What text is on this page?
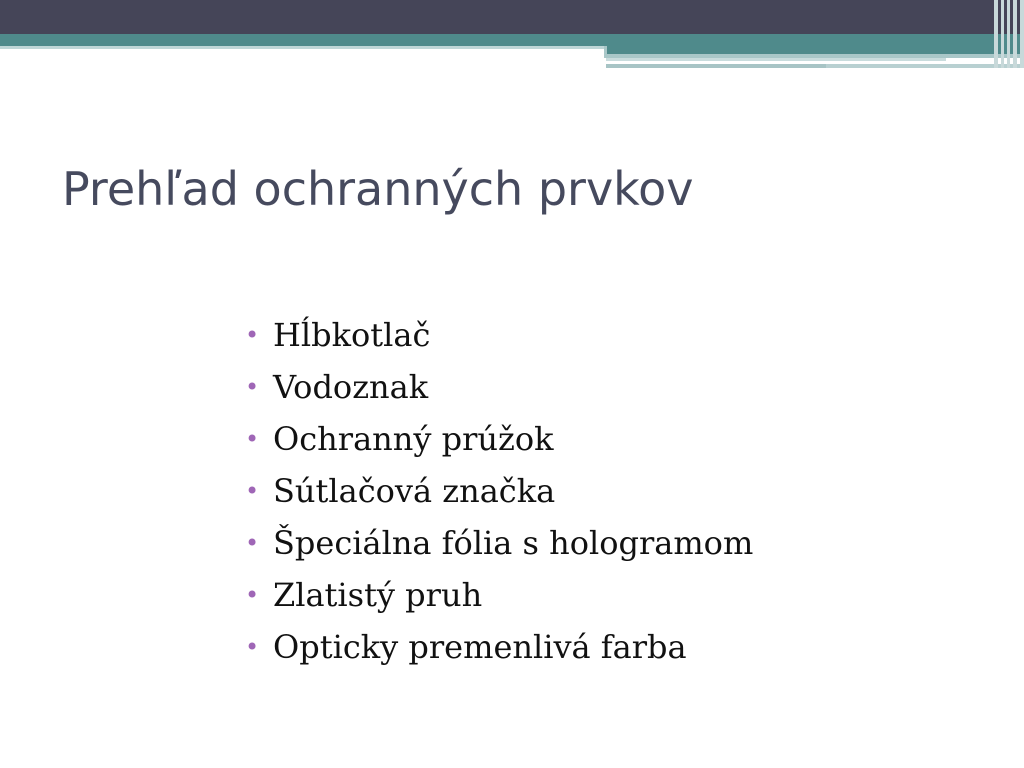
Prehľad ochranných prvkov
• Hĺbkotlač
• Vodoznak
• Ochranný prúžok
• Sútlačová značka
• Špeciálna fólia s hologramom
• Zlatistý pruh
• Opticky premenlivá farba
